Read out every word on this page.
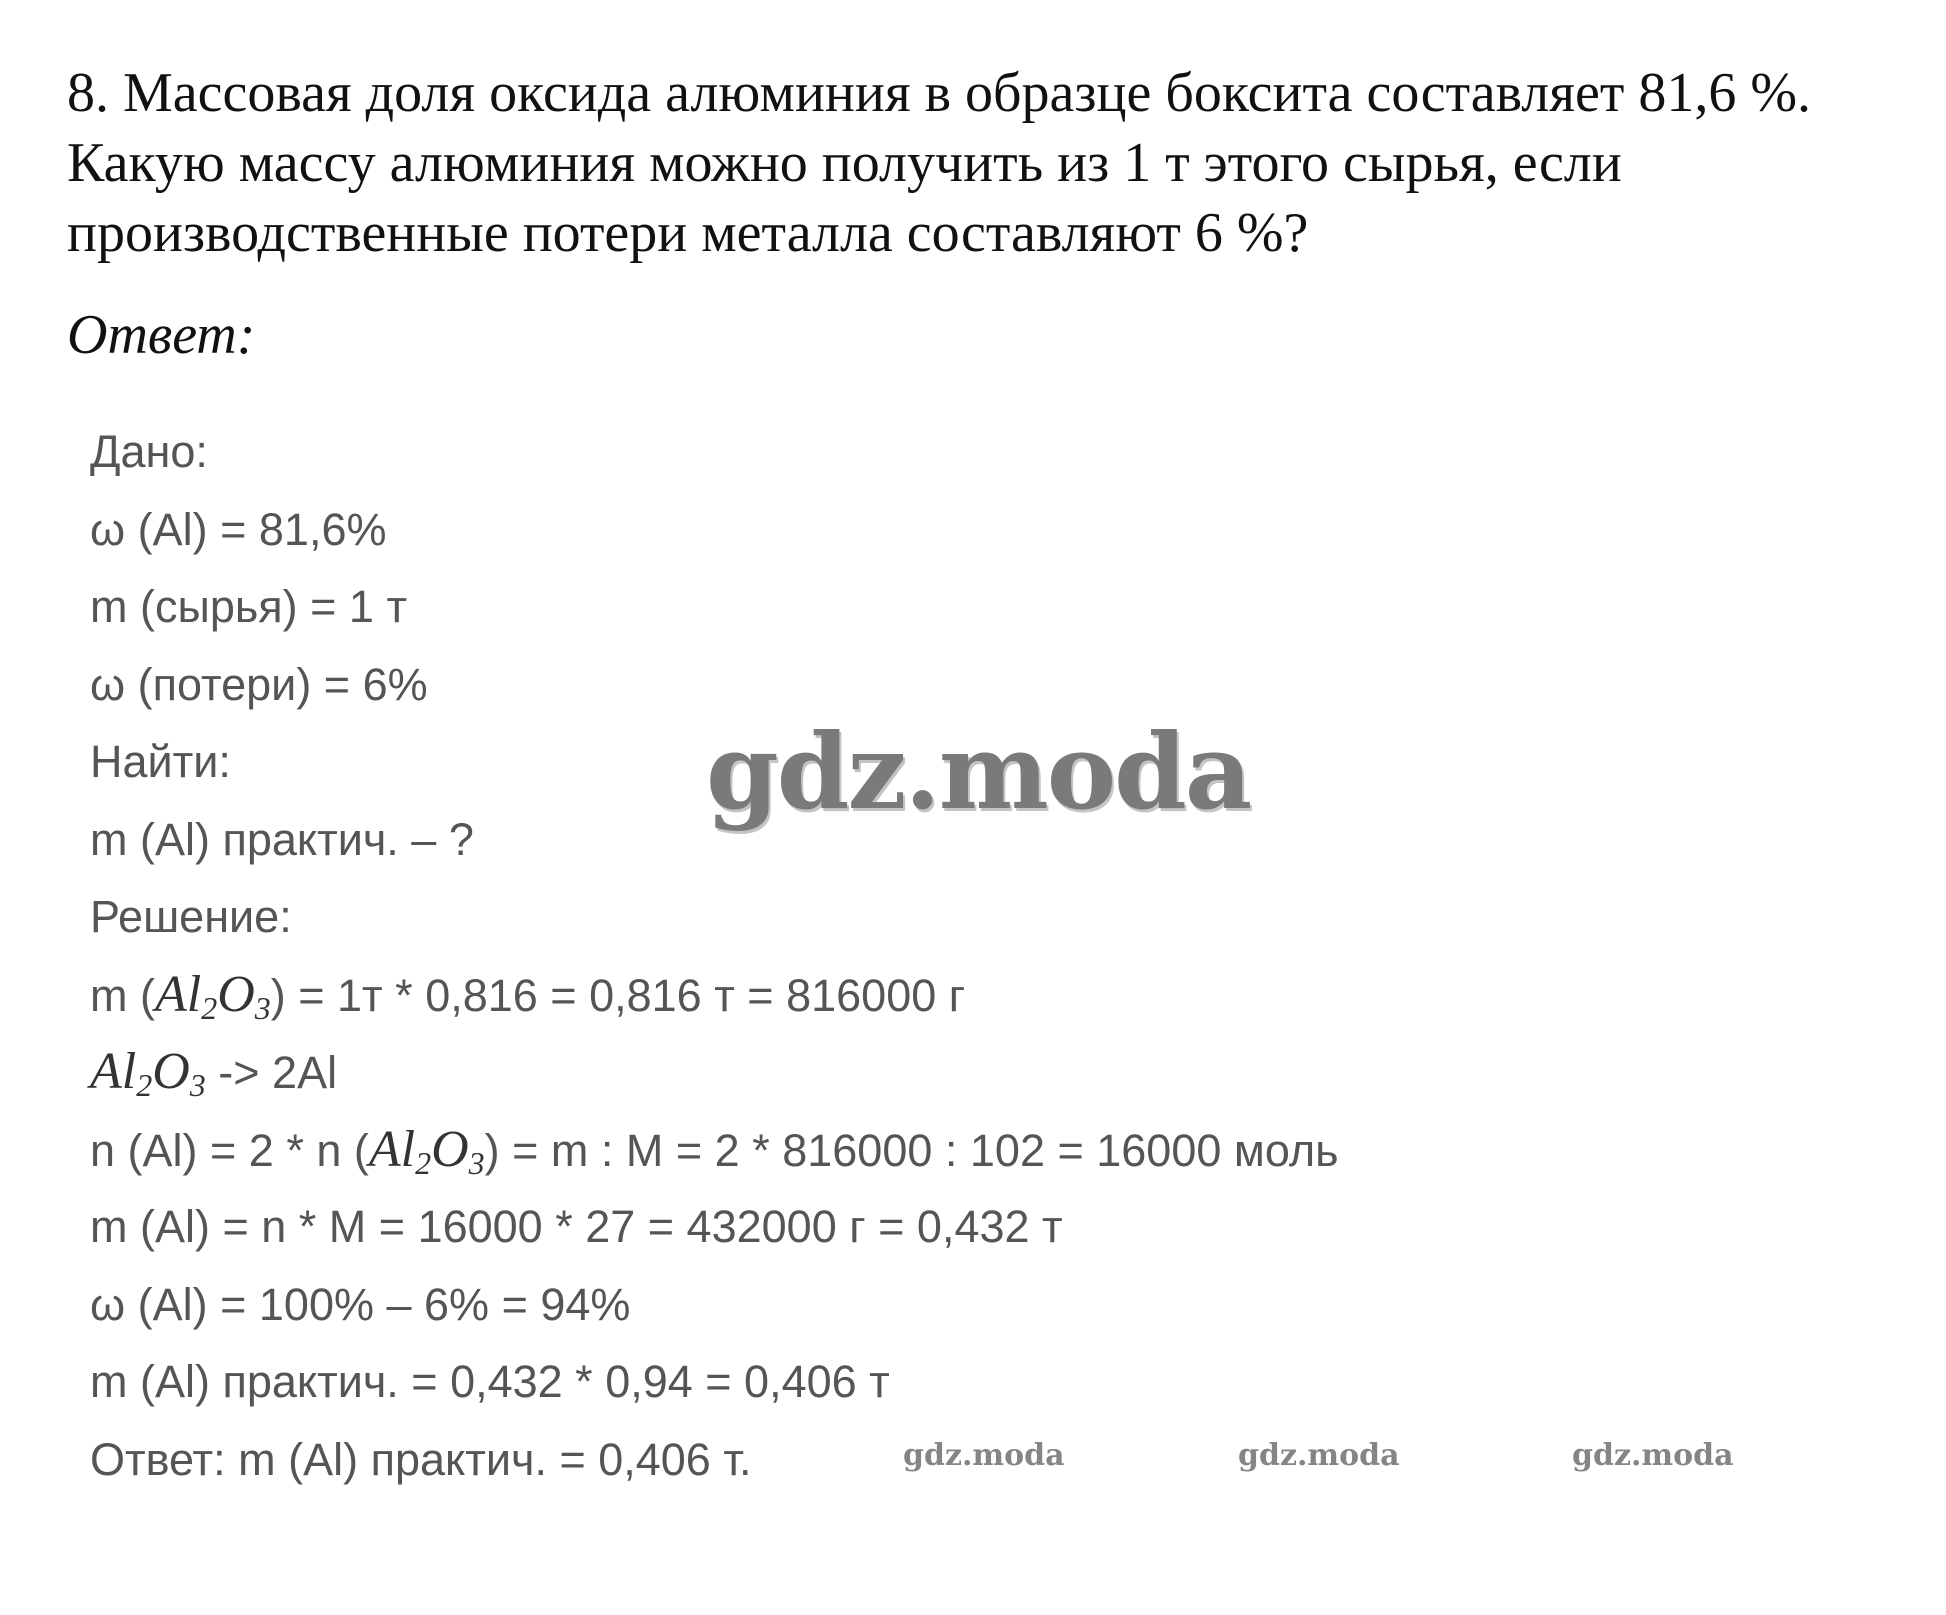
8. Массовая доля оксида алюминия в образце боксита составляет 81,6 %.
Какую массу алюминия можно получить из 1 т этого сырья, если
производственные потери металла составляют 6 %?
Ответ:
Дано:
ω (Al) = 81,6%
m (сырья) = 1 т
ω (потери) = 6%
Найти:
m (Al) практич. – ?
Решение:
m $(Al_2O_3) = 1т * 0,816 = 0,816$ т = 816000 г
$Al_2O_3 -> 2Al$
n (Al) = 2 * n $(Al_2O_3) = m$ : M = 2 * 816000 : 102 = 16000 моль
m (Al) = n * M = 16000 * 27 = 432000 г = 0,432 т
ω (Al) = 100% – 6% = 94%
m (Al) практич. = 0,432 * 0,94 = 0,406 т
Ответ: m (Al) практич. = 0,406 т.
gdz.moda
gdz.moda	gdz.moda	gdz.moda
